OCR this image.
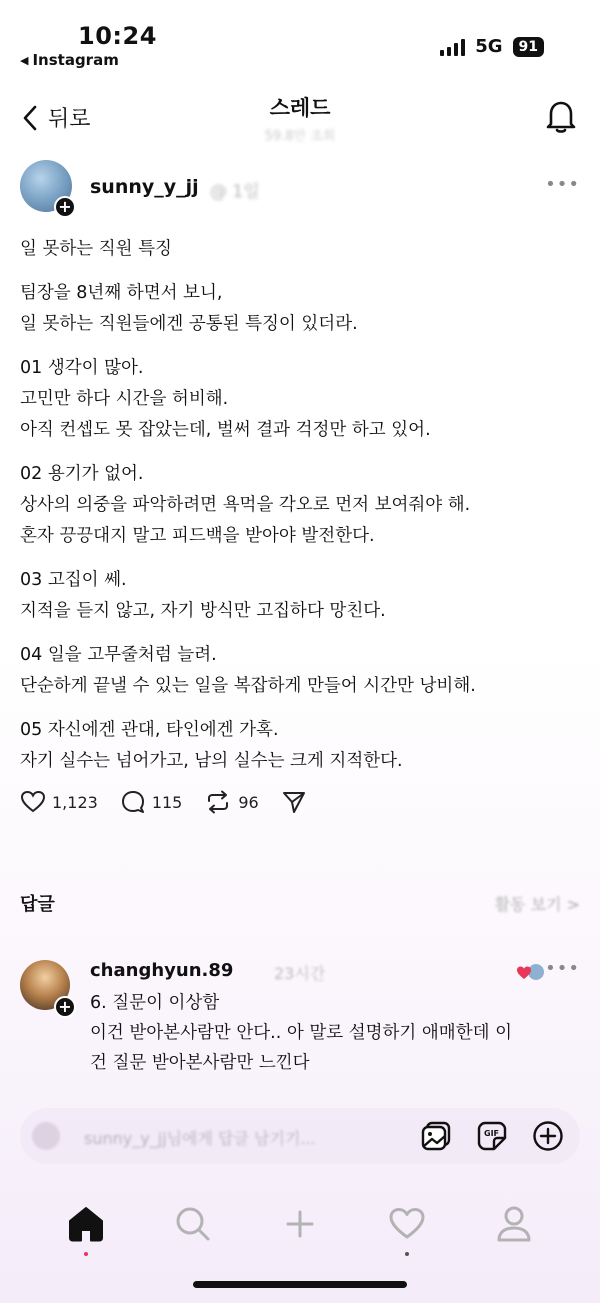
10:24
◀ Instagram
5G	91
뒤로	스레드
59.8만 조회
+
sunny_y_jj @ 1일	•••

일 못하는 직원 특징

팀장을 8년째 하면서 보니,
일 못하는 직원들에겐 공통된 특징이 있더라.

01 생각이 많아.
고민만 하다 시간을 허비해.
아직 컨셉도 못 잡았는데, 벌써 결과 걱정만 하고 있어.

02 용기가 없어.
상사의 의중을 파악하려면 욕먹을 각오로 먼저 보여줘야 해.
혼자 끙끙대지 말고 피드백을 받아야 발전한다.

03 고집이 쎄.
지적을 듣지 않고, 자기 방식만 고집하다 망친다.

04 일을 고무줄처럼 늘려.
단순하게 끝낼 수 있는 일을 복잡하게 만들어 시간만 낭비해.

05 자신에겐 관대, 타인에겐 가혹.
자기 실수는 넘어가고, 남의 실수는 크게 지적한다.

1,123	115	96
답글	활동 보기 >
+
changhyun.89	23시간	•••
6. 질문이 이상함
이건 받아본사람만 안다.. 아 말로 설명하기 애매한데 이
건 질문 받아본사람만 느낀다
sunny_y_jj님에게 답글 남기기...	GIF
